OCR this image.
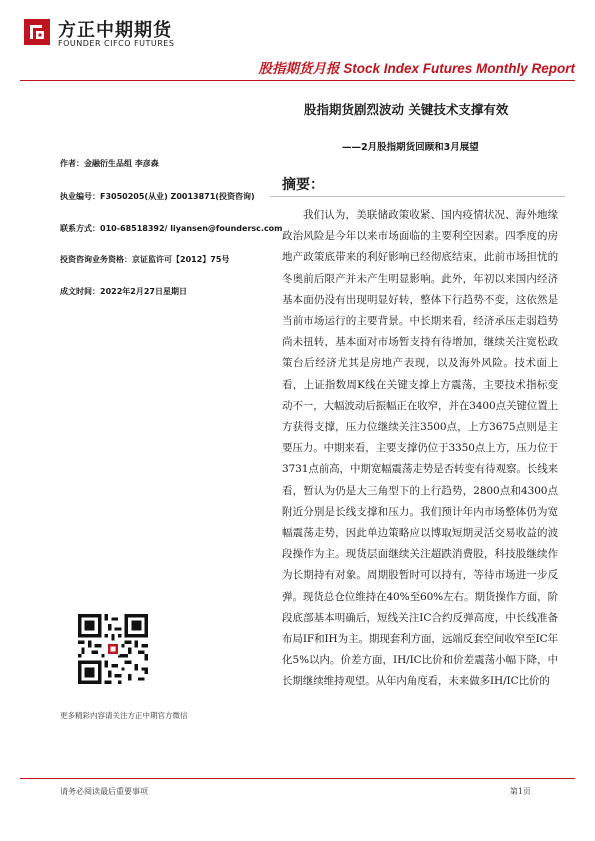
方正中期期货
FOUNDER CIFCO FUTURES
股指期货月报 Stock Index Futures Monthly Report
股指期货剧烈波动 关键技术支撑有效
——2月股指期货回顾和3月展望
作者：金融衍生品组 李彦森
执业编号：F3050205(从业) Z0013871(投资咨询)
联系方式：010-68518392/ liyansen@foundersc.com
投资咨询业务资格：京证监许可【2012】75号
成文时间：2022年2月27日星期日
摘要：

我们认为，美联储政策收紧、国内疫情状况、海外地缘政治风险是今年以来市场面临的主要利空因素。四季度的房地产政策底带来的利好影响已经彻底结束，此前市场担忧的冬奥前后限产并未产生明显影响。此外，年初以来国内经济基本面仍没有出现明显好转，整体下行趋势不变，这依然是当前市场运行的主要背景。中长期来看，经济承压走弱趋势尚未扭转，基本面对市场暂支持有待增加，继续关注宽松政策台后经济尤其是房地产表现，以及海外风险。技术面上看，上证指数周K线在关键支撑上方震荡，主要技术指标变动不一，大幅波动后振幅正在收窄，并在3400点关键位置上方获得支撑，压力位继续关注3500点，上方3675点则是主要压力。中期来看，主要支撑仍位于3350点上方，压力位于3731点前高，中期宽幅震荡走势是否转变有待观察。长线来看，暂认为仍是大三角型下的上行趋势，2800点和4300点附近分别是长线支撑和压力。我们预计年内市场整体仍为宽幅震荡走势，因此单边策略应以博取短期灵活交易收益的波段操作为主。现货层面继续关注超跌消费股，科技股继续作为长期持有对象。周期股暂时可以持有，等待市场进一步反弹。现货总仓位维持在40%至60%左右。期货操作方面，阶段底部基本明确后，短线关注IC合约反弹高度，中长线准备布局IF和IH为主。期现套利方面，远端反套空间收窄至IC年化5%以内。价差方面，IH/IC比价和价差震荡小幅下降，中长期继续维持观望。从年内角度看，未来做多IH/IC比价的

更多精彩内容请关注方正中期官方微信
请务必阅读最后重要事项	第1页
